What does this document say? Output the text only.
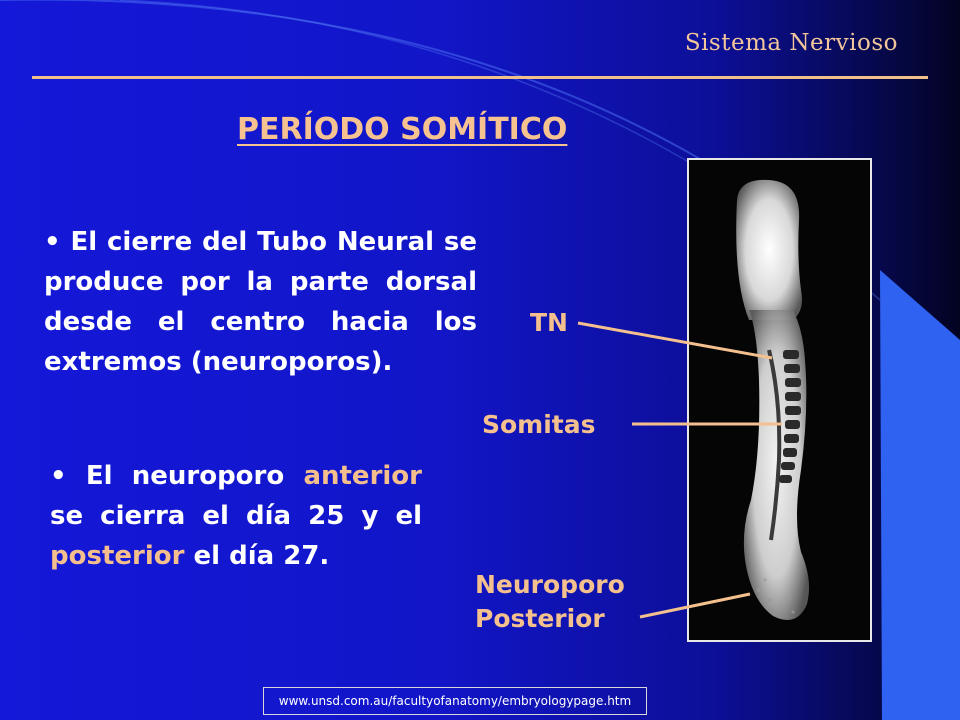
Sistema Nervioso
PERÍODO SOMÍTICO
• El cierre del Tubo Neural se produce por la parte dorsal desde el centro hacia los extremos (neuroporos).
• El neuroporo anterior se cierra el día 25 y el posterior el día 27.
TN
Somitas
Neuroporo
Posterior
www.unsd.com.au/facultyofanatomy/embryologypage.htm
